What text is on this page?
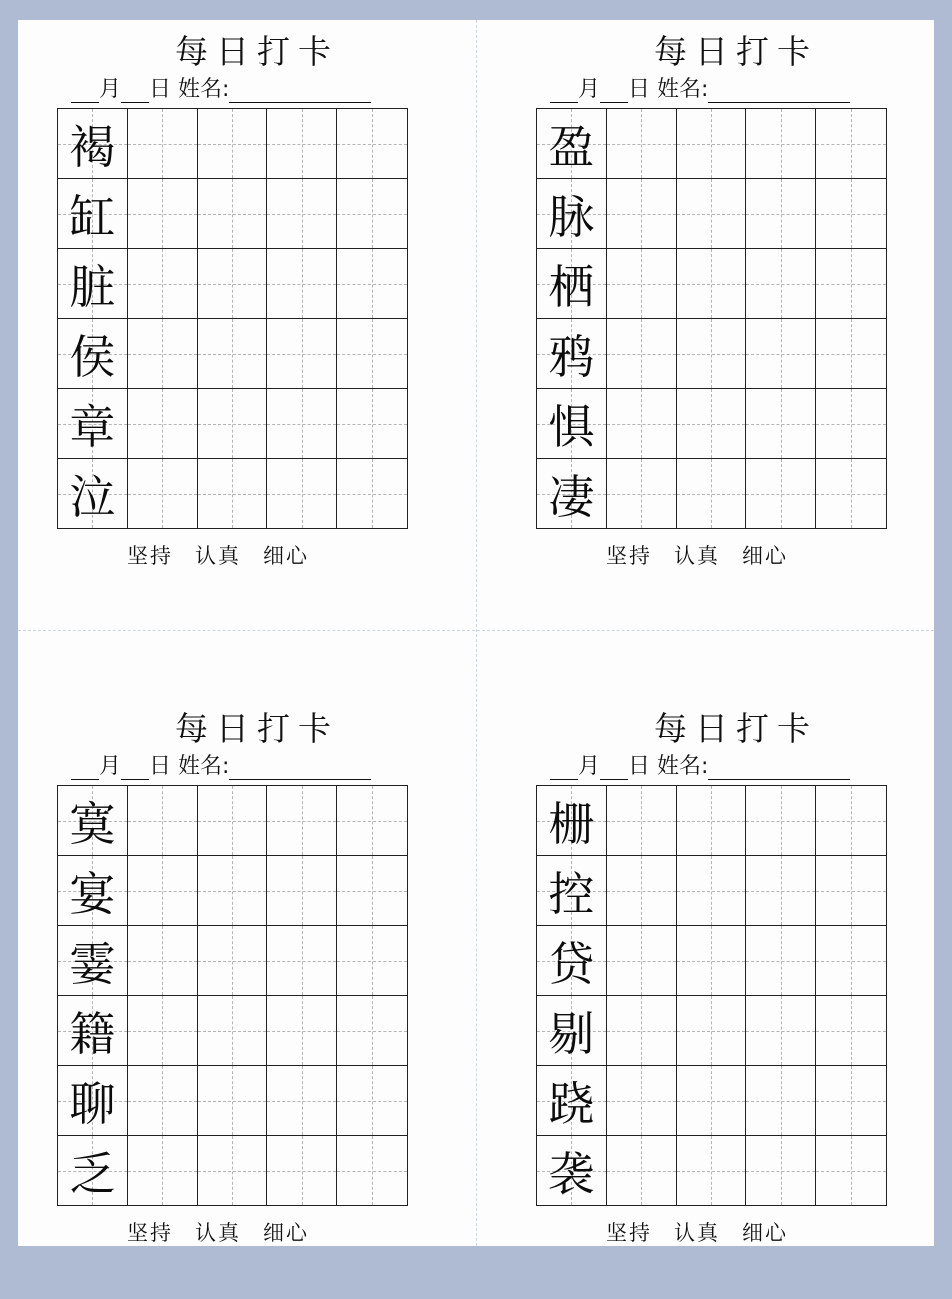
每日打卡
月 日 姓名:
褐
缸
脏
侯
章
泣
坚持 认真 细心
每日打卡
月 日 姓名:
盈
脉
栖
鸦
惧
凄
坚持 认真 细心
每日打卡
月 日 姓名:
寞
宴
霎
籍
聊
乏
坚持 认真 细心
每日打卡
月 日 姓名:
栅
控
贷
剔
跷
袭
坚持 认真 细心
